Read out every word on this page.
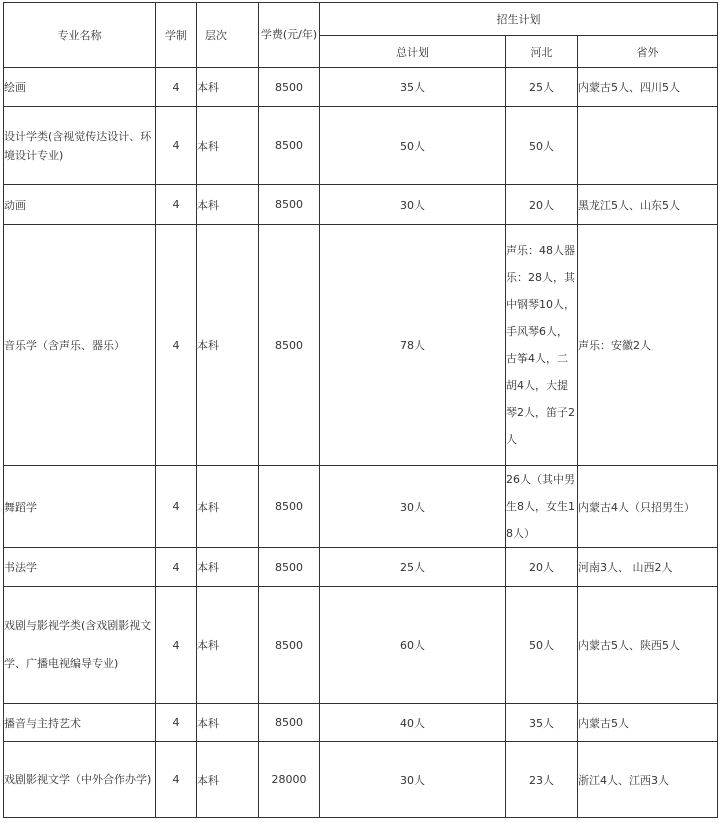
专业名称	学制	层次	学费(元/年)	招生计划		
				总计划	河北	省外
绘画	4	本科	8500	35人	25人	内蒙古5人、四川5人
设计学类(含视觉传达设计、环境设计专业)	4	本科	8500	50人	50人	
动画	4	本科	8500	30人	20人	黑龙江5人、山东5人
音乐学（含声乐、器乐）	4	本科	8500	78人	声乐：48人器乐：28人，其中钢琴10人，手风琴6人，古筝4人，二胡4人，大提琴2人，笛子2人	声乐：安徽2人
舞蹈学	4	本科	8500	30人	26人（其中男生8人，女生18人）	内蒙古4人（只招男生）
书法学	4	本科	8500	25人	20人	河南3人、 山西2人
戏剧与影视学类(含戏剧影视文学、广播电视编导专业)	4	本科	8500	60人	50人	内蒙古5人、陕西5人
播音与主持艺术	4	本科	8500	40人	35人	内蒙古5人
戏剧影视文学（中外合作办学)	4	本科	28000	30人	23人	浙江4人、江西3人
